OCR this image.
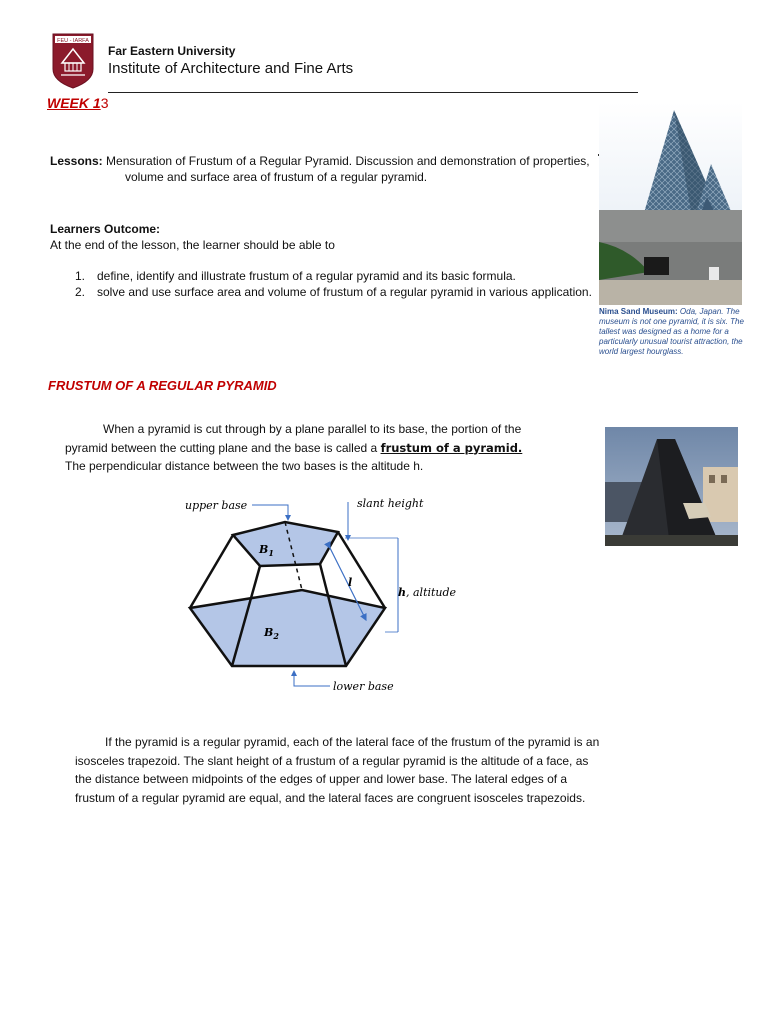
FEU - IARFA
Far Eastern University
Institute of Architecture and Fine Arts
WEEK 13
Lessons: Mensuration of Frustum of a Regular Pyramid. Discussion and demonstration of properties,
volume and surface area of frustum of a regular pyramid.
Learners Outcome:
At the end of the lesson, the learner should be able to
1. define, identify and illustrate frustum of a regular pyramid and its basic formula.
2. solve and use surface area and volume of frustum of a regular pyramid in various application.
Nima Sand Museum: Oda, Japan. The museum is not one pyramid, it is six. The tallest was designed as a home for a particularly unusual tourist attraction, the world largest hourglass.
FRUSTUM OF A REGULAR PYRAMID
When a pyramid is cut through by a plane parallel to its base, the portion of the pyramid between the cutting plane and the base is called a frustum of a pyramid. The perpendicular distance between the two bases is the altitude h.
upper base	slant height
$B_1$
$B_2$
l
h, altitude
lower base
If the pyramid is a regular pyramid, each of the lateral face of the frustum of the pyramid is an isosceles trapezoid. The slant height of a frustum of a regular pyramid is the altitude of a face, as the distance between midpoints of the edges of upper and lower base. The lateral edges of a frustum of a regular pyramid are equal, and the lateral faces are congruent isosceles trapezoids.
